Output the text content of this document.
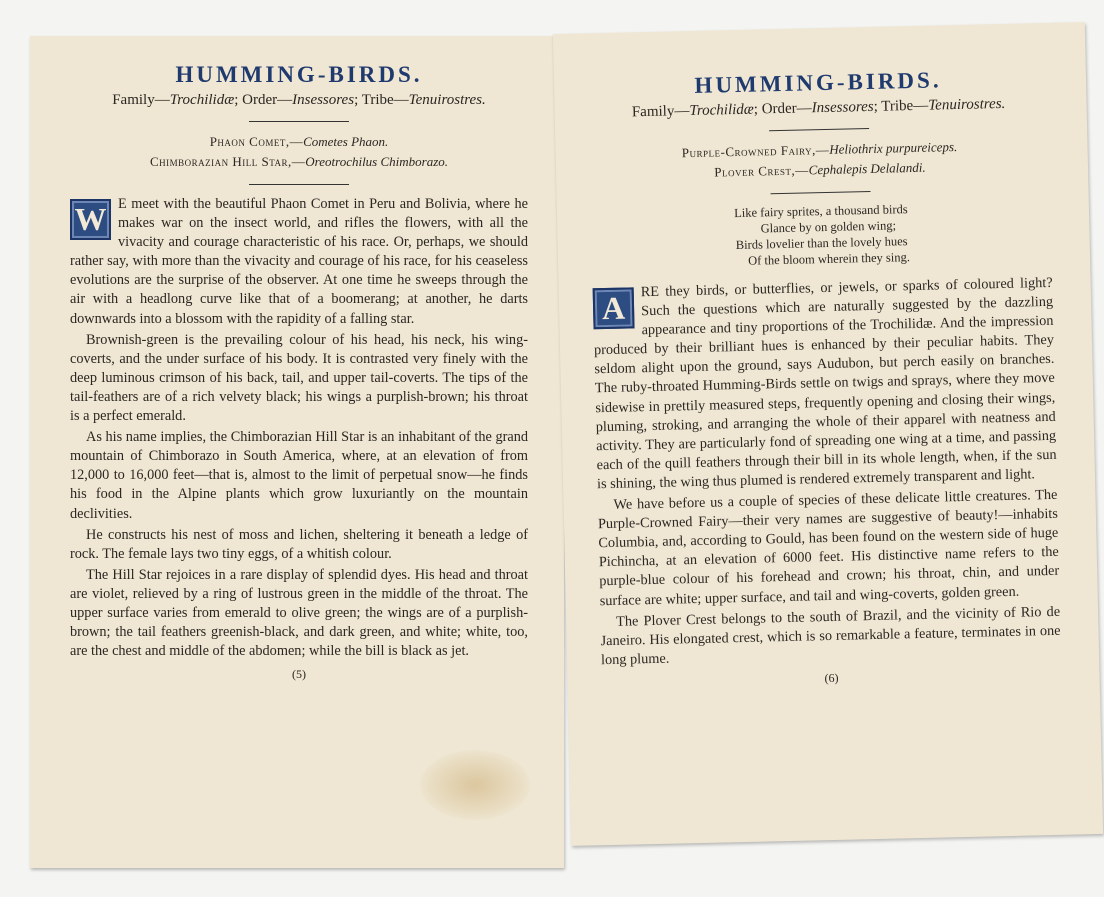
HUMMING-BIRDS.

Family—Trochilidæ; Order—Insessores; Tribe—Tenuirostres.

Phaon Comet,—Cometes Phaon.
Chimborazian Hill Star,—Oreotrochilus Chimborazo.

W E meet with the beautiful Phaon Comet in Peru and Bolivia, where he makes war on the insect world, and rifles the flowers, with all the vivacity and courage characteristic of his race. Or, perhaps, we should rather say, with more than the vivacity and courage of his race, for his ceaseless evolutions are the surprise of the observer. At one time he sweeps through the air with a headlong curve like that of a boomerang; at another, he darts downwards into a blossom with the rapidity of a falling star.

Brownish-green is the prevailing colour of his head, his neck, his wing-coverts, and the under surface of his body. It is contrasted very finely with the deep luminous crimson of his back, tail, and upper tail-coverts. The tips of the tail-feathers are of a rich velvety black; his wings a purplish-brown; his throat is a perfect emerald.

As his name implies, the Chimborazian Hill Star is an inhabitant of the grand mountain of Chimborazo in South America, where, at an elevation of from 12,000 to 16,000 feet—that is, almost to the limit of perpetual snow—he finds his food in the Alpine plants which grow luxuriantly on the mountain declivities.

He constructs his nest of moss and lichen, sheltering it beneath a ledge of rock. The female lays two tiny eggs, of a whitish colour.

The Hill Star rejoices in a rare display of splendid dyes. His head and throat are violet, relieved by a ring of lustrous green in the middle of the throat. The upper surface varies from emerald to olive green; the wings are of a purplish-brown; the tail feathers greenish-black, and dark green, and white; white, too, are the chest and middle of the abdomen; while the bill is black as jet.

(5)
HUMMING-BIRDS.

Family—Trochilidæ; Order—Insessores; Tribe—Tenuirostres.

Purple-Crowned Fairy,—Heliothrix purpureiceps.
Plover Crest,—Cephalepis Delalandi.

Like fairy sprites, a thousand birds
Glance by on golden wing;
Birds lovelier than the lovely hues
Of the bloom wherein they sing.

A
RE they birds, or butterflies, or jewels, or sparks of coloured light? Such the questions which are naturally suggested by the dazzling appearance and tiny proportions of the Trochilidæ. And the impression produced by their brilliant hues is enhanced by their peculiar habits. They seldom alight upon the ground, says Audubon, but perch easily on branches. The ruby-throated Humming-Birds settle on twigs and sprays, where they move sidewise in prettily measured steps, frequently opening and closing their wings, pluming, stroking, and arranging the whole of their apparel with neatness and activity. They are particularly fond of spreading one wing at a time, and passing each of the quill feathers through their bill in its whole length, when, if the sun is shining, the wing thus plumed is rendered extremely transparent and light.

We have before us a couple of species of these delicate little creatures. The Purple-Crowned Fairy—their very names are suggestive of beauty!—inhabits Columbia, and, according to Gould, has been found on the western side of huge Pichincha, at an elevation of 6000 feet. His distinctive name refers to the purple-blue colour of his forehead and crown; his throat, chin, and under surface are white; upper surface, and tail and wing-coverts, golden green.

The Plover Crest belongs to the south of Brazil, and the vicinity of Rio de Janeiro. His elongated crest, which is so remarkable a feature, terminates in one long plume.

(6)
